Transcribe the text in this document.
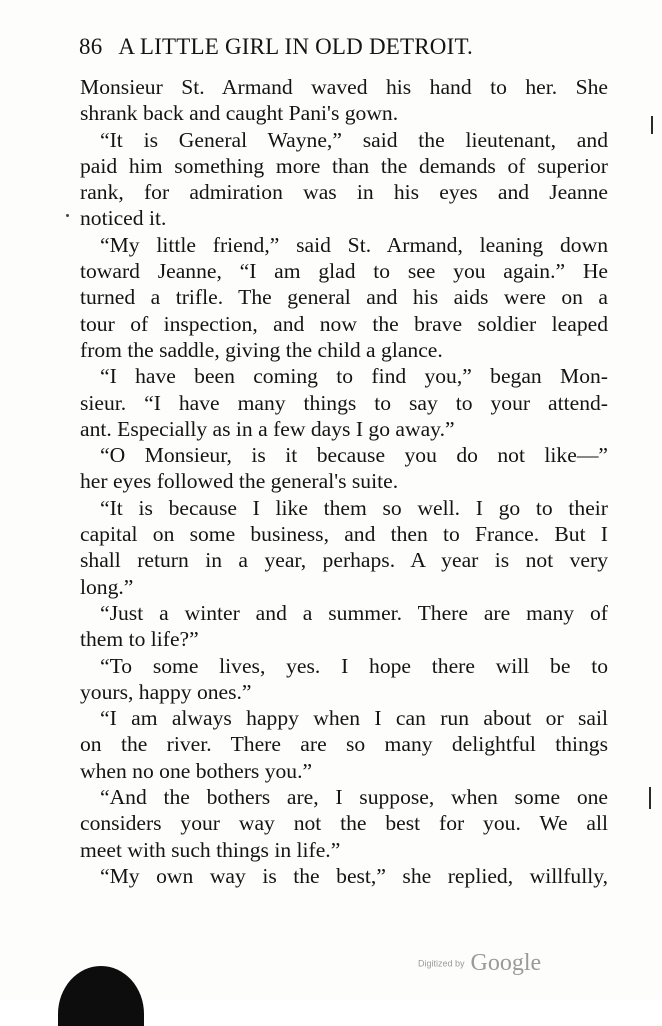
86 A LITTLE GIRL IN OLD DETROIT.
Monsieur St. Armand waved his hand to her. She
shrank back and caught Pani's gown.
“It is General Wayne,” said the lieutenant, and
paid him something more than the demands of superior
rank, for admiration was in his eyes and Jeanne
noticed it.
“My little friend,” said St. Armand, leaning down
toward Jeanne, “I am glad to see you again.” He
turned a trifle. The general and his aids were on a
tour of inspection, and now the brave soldier leaped
from the saddle, giving the child a glance.
“I have been coming to find you,” began Mon-
sieur. “I have many things to say to your attend-
ant. Especially as in a few days I go away.”
“O Monsieur, is it because you do not like—”
her eyes followed the general's suite.
“It is because I like them so well. I go to their
capital on some business, and then to France. But I
shall return in a year, perhaps. A year is not very
long.”
“Just a winter and a summer. There are many of
them to life?”
“To some lives, yes. I hope there will be to
yours, happy ones.”
“I am always happy when I can run about or sail
on the river. There are so many delightful things
when no one bothers you.”
“And the bothers are, I suppose, when some one
considers your way not the best for you. We all
meet with such things in life.”
“My own way is the best,” she replied, willfully,
Digitized by Google
